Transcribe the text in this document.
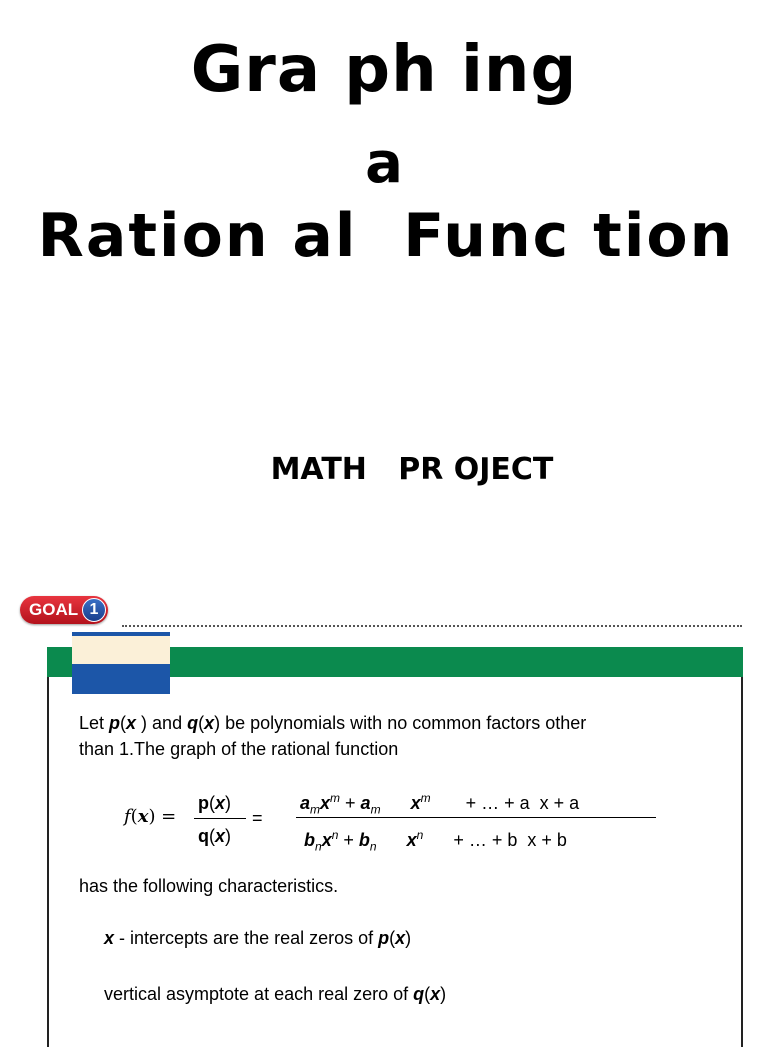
Gra ph ing
a
Ration al  Func tion
MATH   PR OJECT
GOAL 1
Let p(x ) and q(x) be polynomials with no common factors other
than 1.The graph of the rational function
f(x) =
p(x)
q(x)
=
$a_mx^m + a_m$ $x^m$ + … + a  x + a
$b_nx^n + b_n$ $x^n$ + … + b  x + b
has the following characteristics.
x - intercepts are the real zeros of p(x)
vertical asymptote at each real zero of q(x)
